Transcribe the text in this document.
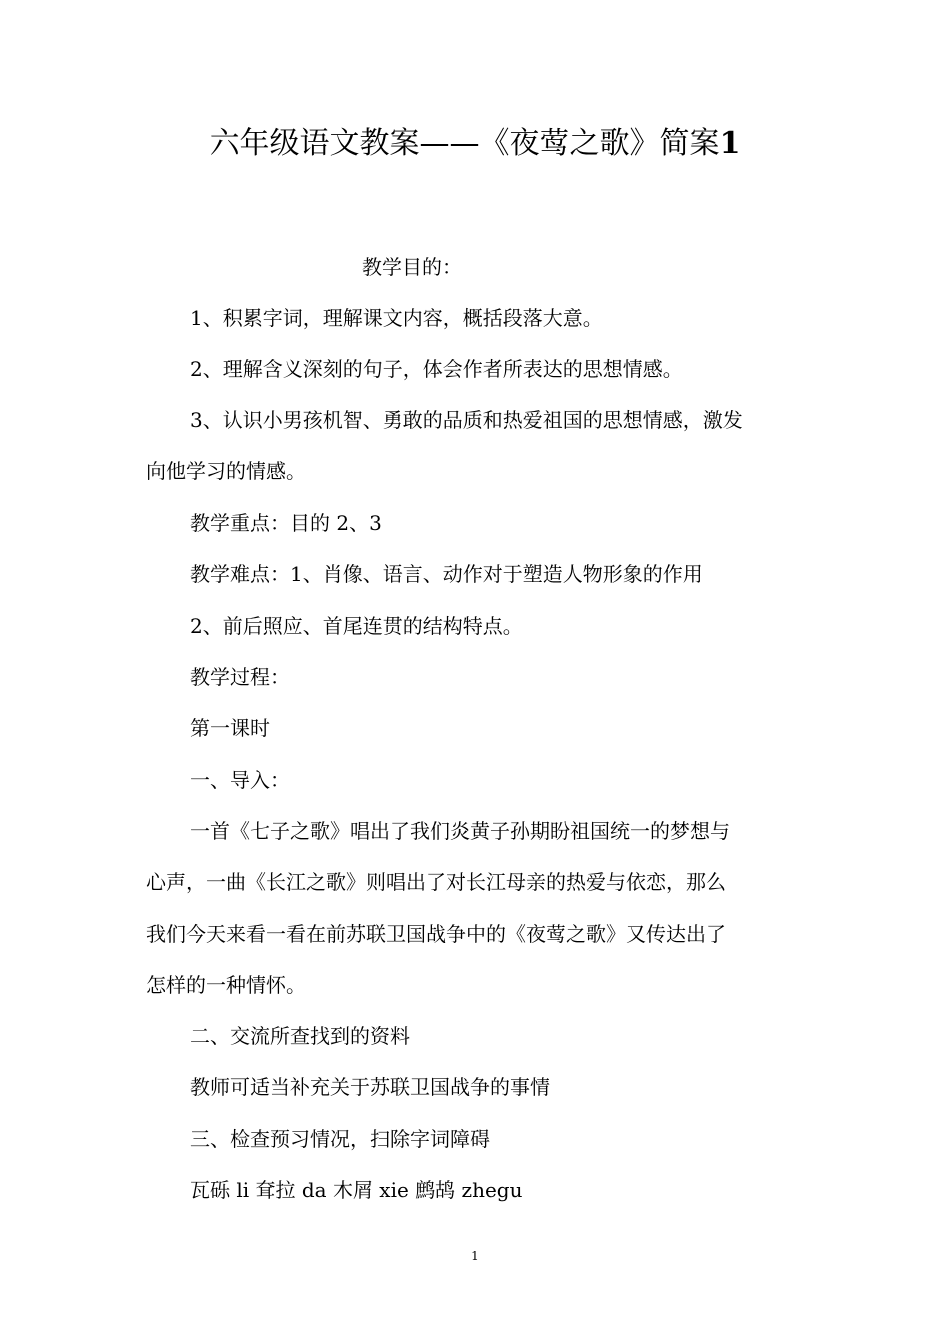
六年级语文教案——《夜莺之歌》简案1

教学目的：

1、积累字词，理解课文内容，概括段落大意。

2、理解含义深刻的句子，体会作者所表达的思想情感。

3、认识小男孩机智、勇敢的品质和热爱祖国的思想情感，激发

向他学习的情感。

教学重点：目的 2、3

教学难点：1、肖像、语言、动作对于塑造人物形象的作用

2、前后照应、首尾连贯的结构特点。

教学过程：

第一课时

一、导入：

一首《七子之歌》唱出了我们炎黄子孙期盼祖国统一的梦想与

心声，一曲《长江之歌》则唱出了对长江母亲的热爱与依恋，那么

我们今天来看一看在前苏联卫国战争中的《夜莺之歌》又传达出了

怎样的一种情怀。

二、交流所查找到的资料

教师可适当补充关于苏联卫国战争的事情

三、检查预习情况，扫除字词障碍

瓦砾 li 耷拉 da 木屑 xie 鹧鸪 zhegu

1
